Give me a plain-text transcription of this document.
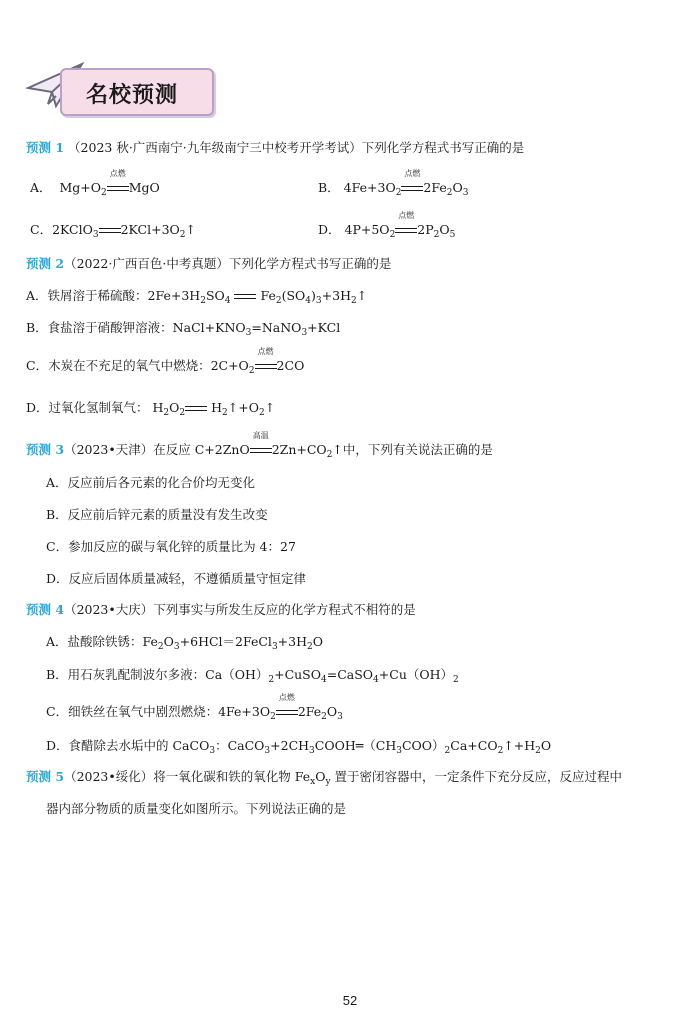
名校预测
预测 1 （2023 秋·广西南宁·九年级南宁三中校考开学考试）下列化学方程式书写正确的是
A． $Mg+O_2$
点燃
MgO	B． $4Fe+3O_2$
点燃
$2Fe_2O_3$
C．2KClO$_3$ $2KCl+3O_2↑$	D． $4P+5O_2$
点燃
$2P_2O_5$
预测 2（2022·广西百色·中考真题）下列化学方程式书写正确的是
A．铁屑溶于稀硫酸：$2Fe+3H_2SO_4$ $Fe_2(SO_4)_3+3H_2↑$
B．食盐溶于硝酸钾溶液：$NaCl+KNO_3=NaNO_3+KCl$
C．木炭在不充足的氧气中燃烧：$2C+O_2$
点燃
2CO
D．过氧化氢制氧气： $H_2O_2$ $H_2↑+O_2↑$
预测 3（2023•天津）在反应 C+2ZnO
高温
$2Zn+CO_2↑$中，下列有关说法正确的是
A．反应前后各元素的化合价均无变化
B．反应前后锌元素的质量没有发生改变
C．参加反应的碳与氧化锌的质量比为 4：27
D．反应后固体质量减轻，不遵循质量守恒定律
预测 4（2023•大庆）下列事实与所发生反应的化学方程式不相符的是
A．盐酸除铁锈：$Fe_2O_3+6HCl=2FeCl_3+3H_2O$
B．用石灰乳配制波尔多液：$Ca(OH)_2+CuSO_4=CaSO_4+Cu(OH)_2$
C．细铁丝在氧气中剧烈燃烧：$4Fe+3O_2$
点燃
$2Fe_2O_3$
D．食醋除去水垢中的 CaCO$_3$：$CaCO_3+2CH_3COOH═(CH_3COO)_2Ca+CO_2↑+H_2O$
预测 5（2023•绥化）将一氧化碳和铁的氧化物 $Fe_xO_y$ 置于密闭容器中，一定条件下充分反应，反应过程中
器内部分物质的质量变化如图所示。下列说法正确的是
52
